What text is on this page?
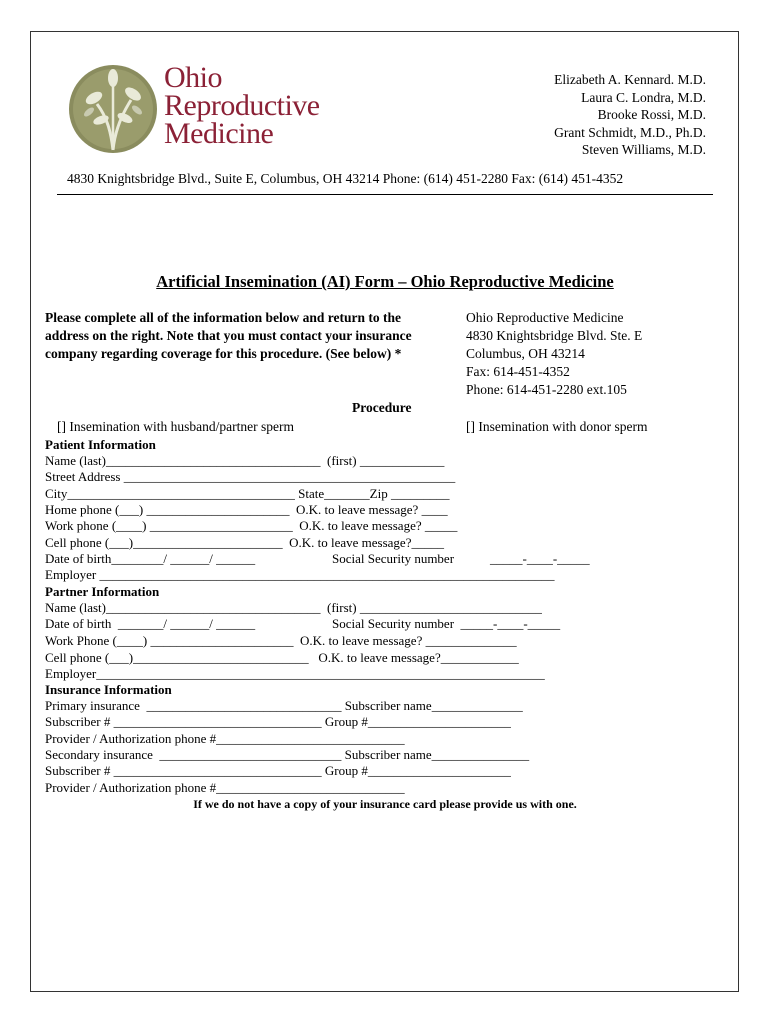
Ohio
Reproductive
Medicine
Elizabeth A. Kennard. M.D.
Laura C. Londra, M.D.
Brooke Rossi, M.D.
Grant Schmidt, M.D., Ph.D.
Steven Williams, M.D.
4830 Knightsbridge Blvd., Suite E, Columbus, OH 43214 Phone: (614) 451-2280 Fax: (614) 451-4352
Artificial Insemination (AI) Form – Ohio Reproductive Medicine
Please complete all of the information below and return to the address on the right. Note that you must contact your insurance company regarding coverage for this procedure. (See below) *
Ohio Reproductive Medicine
4830 Knightsbridge Blvd. Ste. E
Columbus, OH 43214
Fax: 614-451-4352
Phone: 614-451-2280 ext.105
Procedure
[] Insemination with husband/partner sperm	[] Insemination with donor sperm
Patient Information
Name (last)_________________________________  (first) _____________
Street Address ___________________________________________________
City___________________________________ State_______Zip _________
Home phone (___) ______________________  O.K. to leave message? ____
Work phone (____) ______________________  O.K. to leave message? _____
Cell phone (___)_______________________  O.K. to leave message?_____
Date of birth________/ ______/ ______	Social Security number	_____-____-_____
Employer ______________________________________________________________________
Partner Information
Name (last)_________________________________  (first) ____________________________
Date of birth  _______/ ______/ ______	Social Security number  _____-____-_____
Work Phone (____) ______________________  O.K. to leave message? ______________
Cell phone (___)___________________________   O.K. to leave message?____________
Employer_____________________________________________________________________
Insurance Information
Primary insurance  ______________________________ Subscriber name______________
Subscriber # ________________________________ Group #______________________
Provider / Authorization phone #_____________________________
Secondary insurance  ____________________________ Subscriber name_______________
Subscriber # ________________________________ Group #______________________
Provider / Authorization phone #_____________________________
If we do not have a copy of your insurance card please provide us with one.
